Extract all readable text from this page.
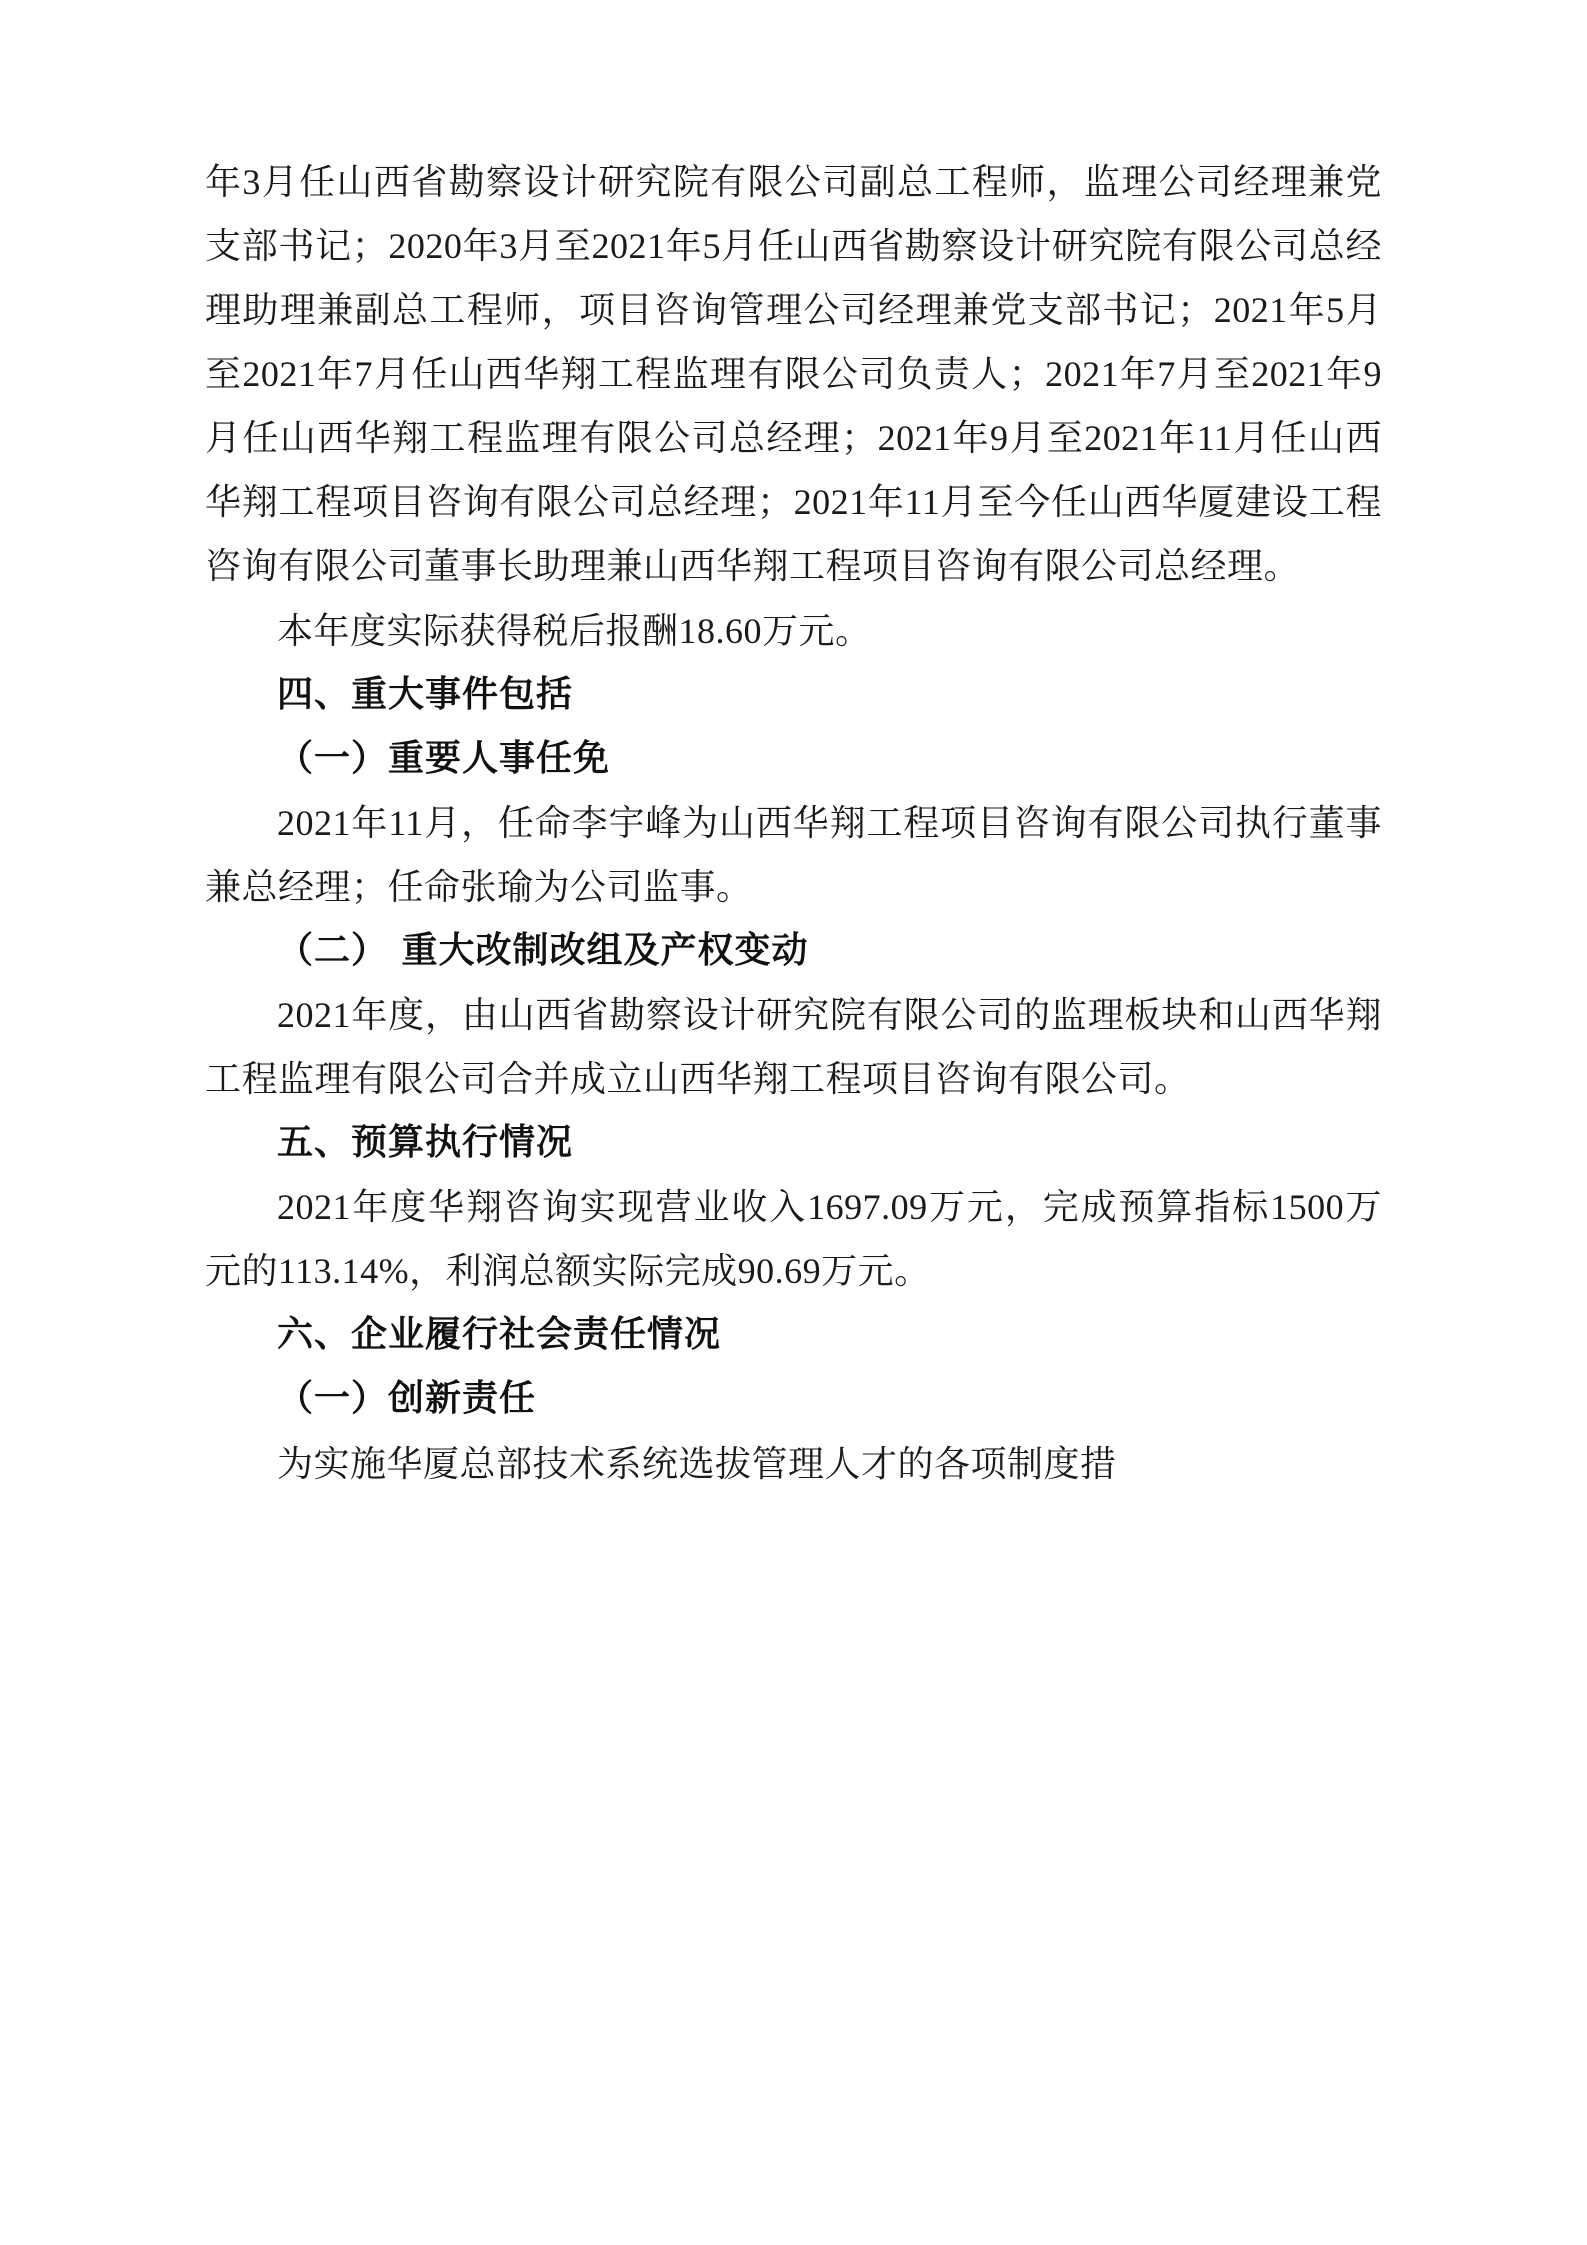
年3月任山西省勘察设计研究院有限公司副总工程师，监理公司经理兼党支部书记；2020年3月至2021年5月任山西省勘察设计研究院有限公司总经理助理兼副总工程师，项目咨询管理公司经理兼党支部书记；2021年5月至2021年7月任山西华翔工程监理有限公司负责人；2021年7月至2021年9月任山西华翔工程监理有限公司总经理；2021年9月至2021年11月任山西华翔工程项目咨询有限公司总经理；2021年11月至今任山西华厦建设工程咨询有限公司董事长助理兼山西华翔工程项目咨询有限公司总经理。

本年度实际获得税后报酬18.60万元。

四、重大事件包括

（一）重要人事任免

2021年11月，任命李宇峰为山西华翔工程项目咨询有限公司执行董事兼总经理；任命张瑜为公司监事。

（二） 重大改制改组及产权变动

2021年度，由山西省勘察设计研究院有限公司的监理板块和山西华翔工程监理有限公司合并成立山西华翔工程项目咨询有限公司。

五、预算执行情况

2021年度华翔咨询实现营业收入1697.09万元，完成预算指标1500万元的113.14%，利润总额实际完成90.69万元。

六、企业履行社会责任情况

（一）创新责任

为实施华厦总部技术系统选拔管理人才的各项制度措
